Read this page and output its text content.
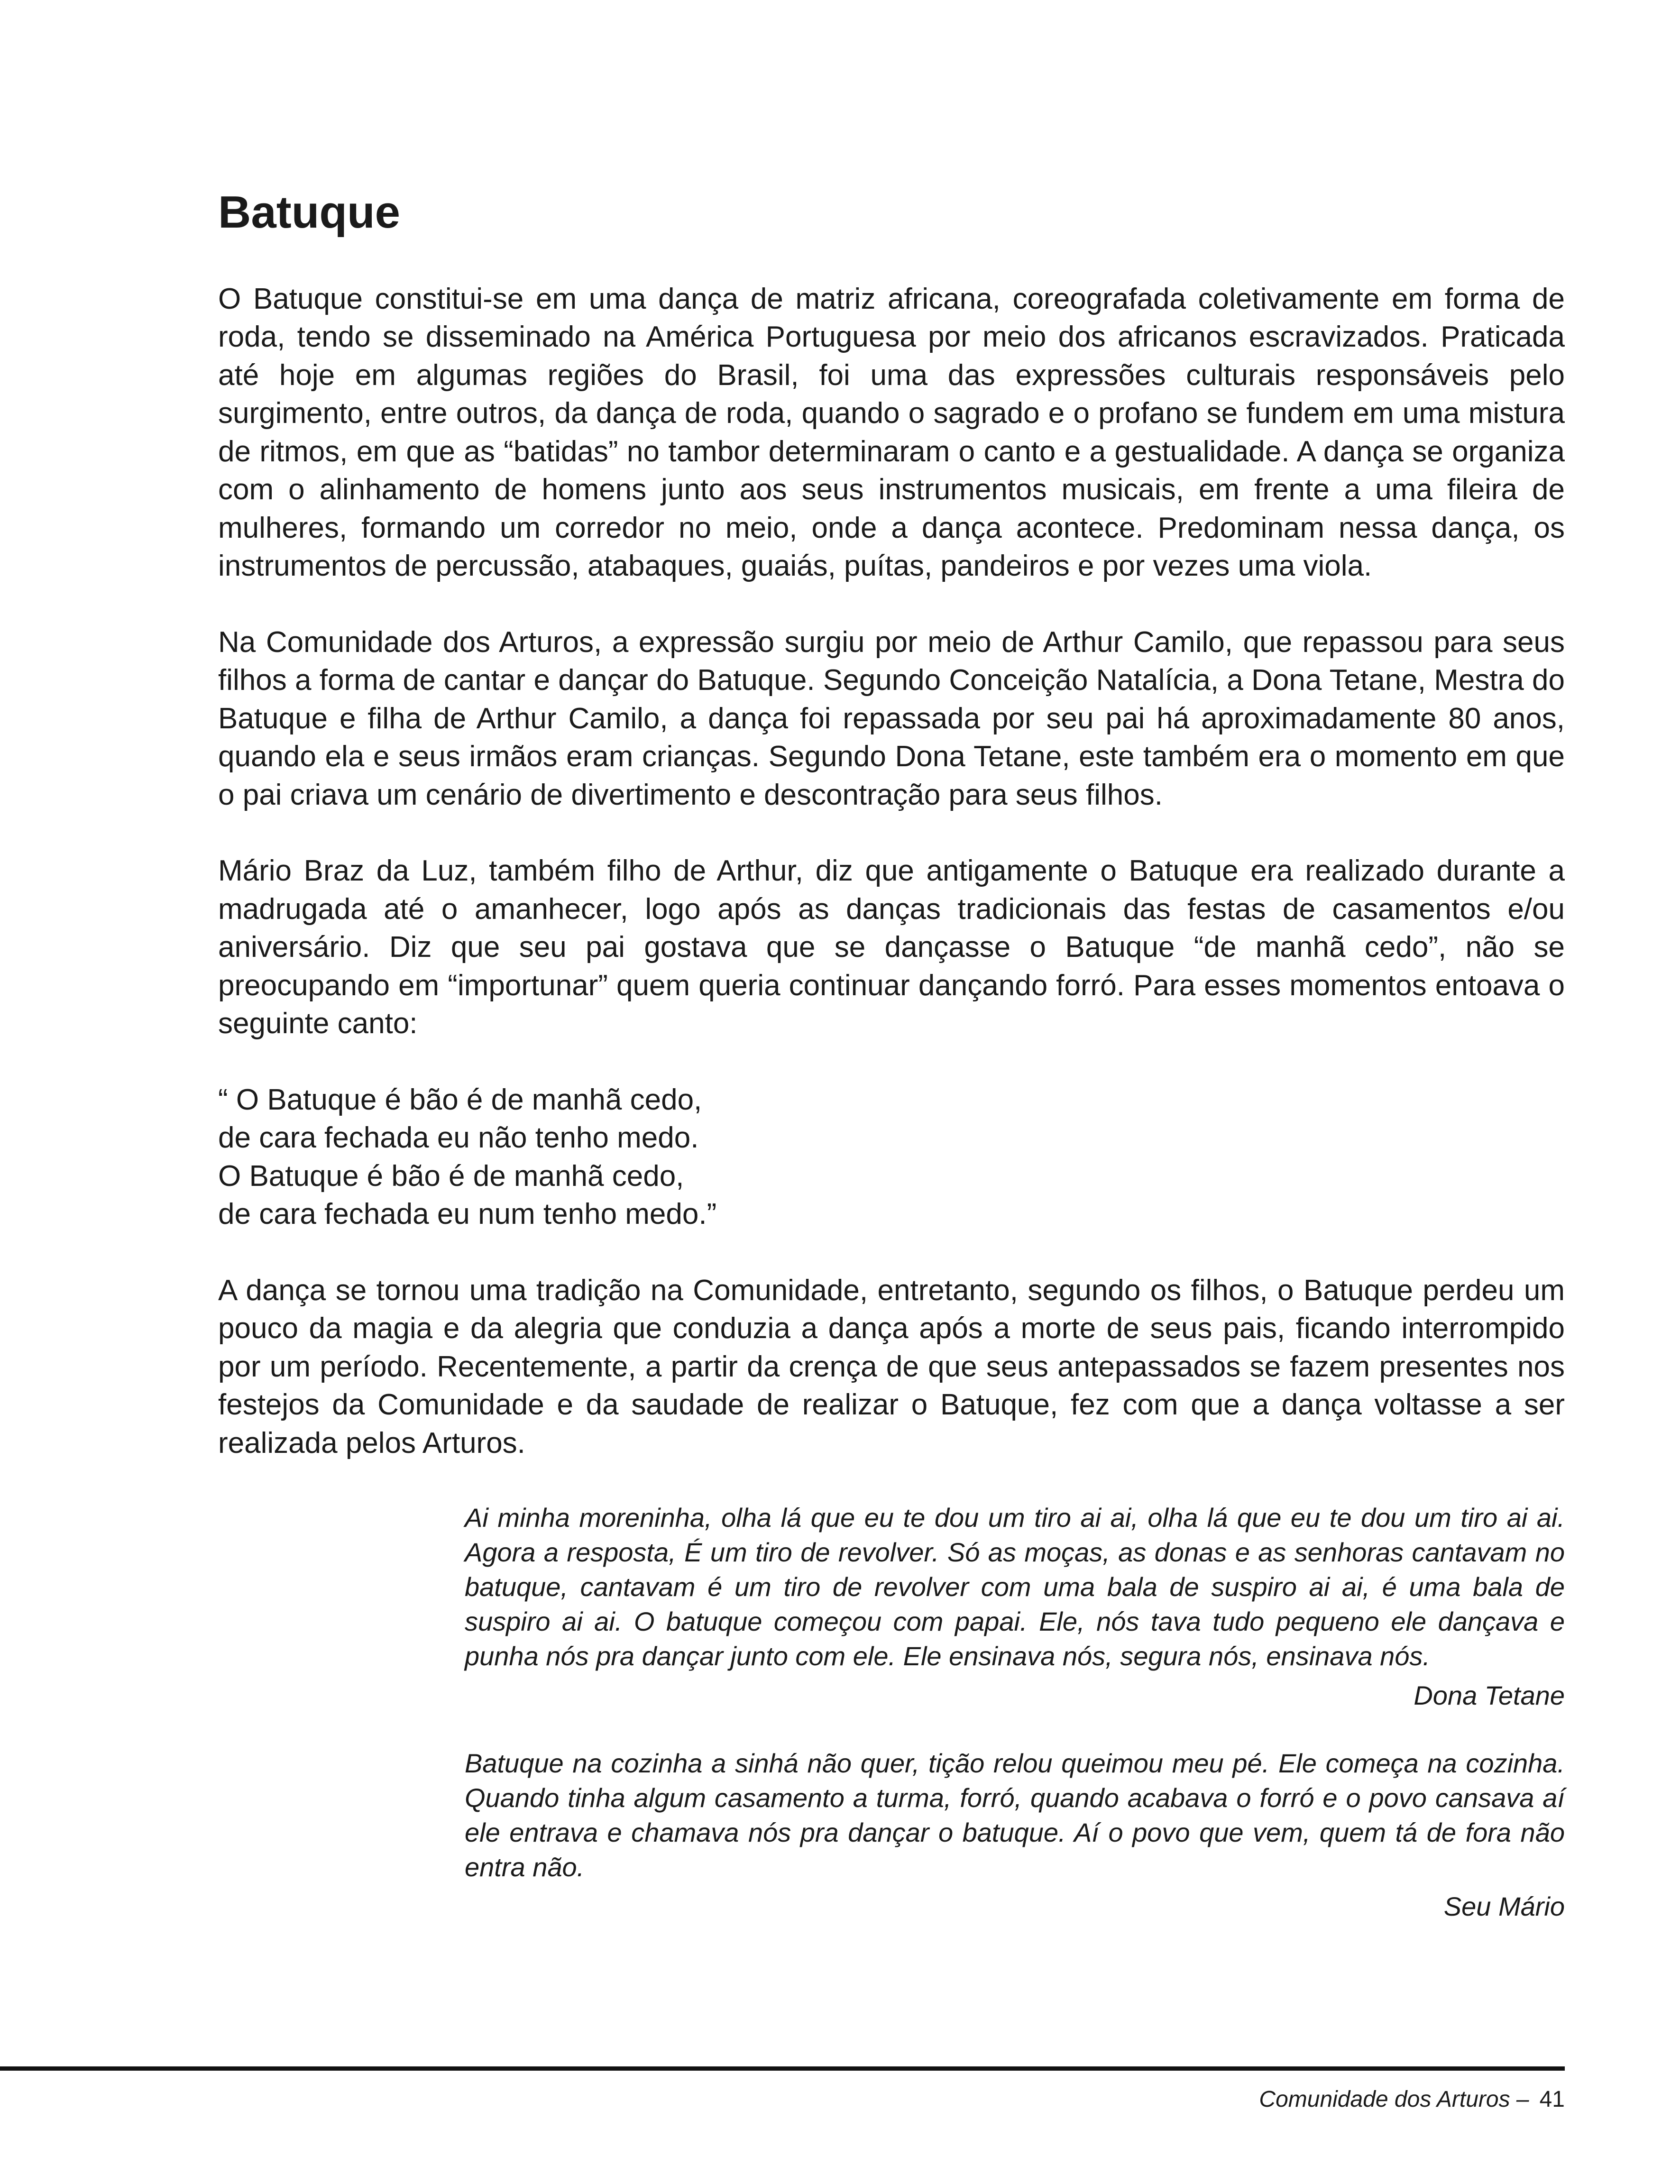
Batuque

O Batuque constitui-se em uma dança de matriz africana, coreografada coletivamente em forma de roda, tendo se disseminado na América Portuguesa por meio dos africanos escravizados. Praticada até hoje em algumas regiões do Brasil, foi uma das expressões culturais responsáveis pelo surgimento, entre outros, da dança de roda, quando o sagrado e o profano se fundem em uma mistura de ritmos, em que as “batidas” no tambor determinaram o canto e a gestualidade. A dança se organiza com o alinhamento de homens junto aos seus instrumentos musicais, em frente a uma fileira de mulheres, formando um corredor no meio, onde a dança acontece. Predominam nessa dança, os instrumentos de percussão, atabaques, guaiás, puítas, pandeiros e por vezes uma viola.

Na Comunidade dos Arturos, a expressão surgiu por meio de Arthur Camilo, que repassou para seus filhos a forma de cantar e dançar do Batuque. Segundo Conceição Natalícia, a Dona Tetane, Mestra do Batuque e filha de Arthur Camilo, a dança foi repassada por seu pai há aproximadamente 80 anos, quando ela e seus irmãos eram crianças. Segundo Dona Tetane, este também era o momento em que o pai criava um cenário de divertimento e descontração para seus filhos.

Mário Braz da Luz, também filho de Arthur, diz que antigamente o Batuque era realizado durante a madrugada até o amanhecer, logo após as danças tradicionais das festas de casamentos e/ou aniversário. Diz que seu pai gostava que se dançasse o Batuque “de manhã cedo”, não se preocupando em “importunar” quem queria continuar dançando forró. Para esses momentos entoava o seguinte canto:

“ O Batuque é bão é de manhã cedo,
de cara fechada eu não tenho medo.
O Batuque é bão é de manhã cedo,
de cara fechada eu num tenho medo.”

A dança se tornou uma tradição na Comunidade, entretanto, segundo os filhos, o Batuque perdeu um pouco da magia e da alegria que conduzia a dança após a morte de seus pais, ficando interrompido por um período. Recentemente, a partir da crença de que seus antepassados se fazem presentes nos festejos da Comunidade e da saudade de realizar o Batuque, fez com que a dança voltasse a ser realizada pelos Arturos.

Ai minha moreninha, olha lá que eu te dou um tiro ai ai, olha lá que eu te dou um tiro ai ai. Agora a resposta, É um tiro de revolver. Só as moças, as donas e as senhoras cantavam no batuque, cantavam é um tiro de revolver com uma bala de suspiro ai ai, é uma bala de suspiro ai ai. O batuque começou com papai. Ele, nós tava tudo pequeno ele dançava e punha nós pra dançar junto com ele. Ele ensinava nós, segura nós, ensinava nós.

Dona Tetane

Batuque na cozinha a sinhá não quer, tição relou queimou meu pé. Ele começa na cozinha. Quando tinha algum casamento a turma, forró, quando acabava o forró e o povo cansava aí ele entrava e chamava nós pra dançar o batuque. Aí o povo que vem, quem tá de fora não entra não.

Seu Mário

Comunidade dos Arturos – 41
